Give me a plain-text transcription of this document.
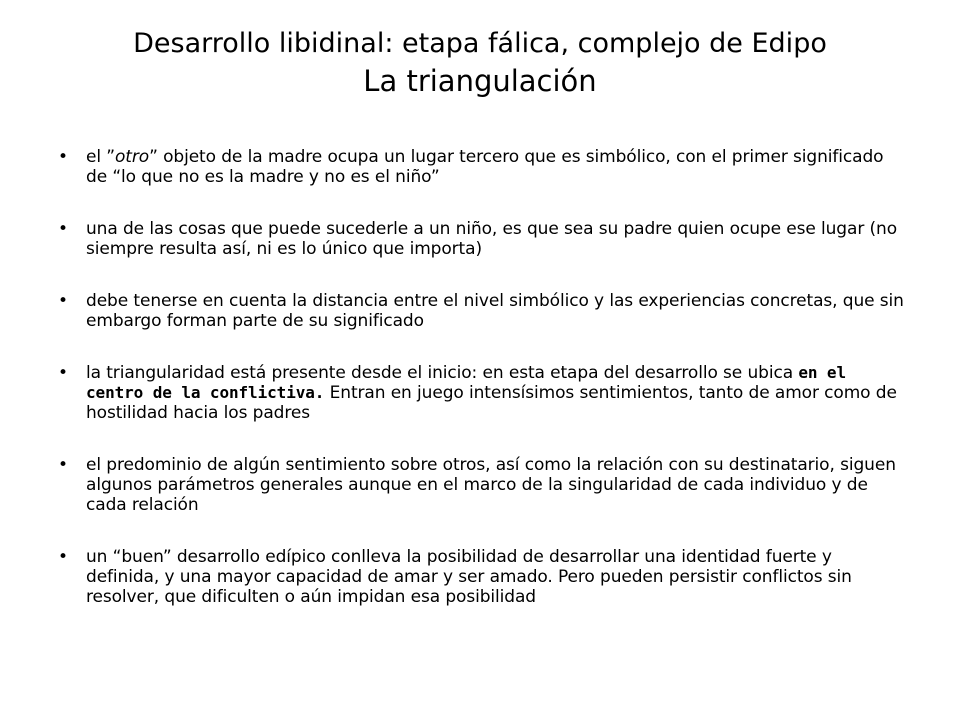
Desarrollo libidinal: etapa fálica, complejo de Edipo
La triangulación
• el ”otro” objeto de la madre ocupa un lugar tercero que es simbólico, con el primer significado de “lo que no es la madre y no es el niño”
• una de las cosas que puede sucederle a un niño, es que sea su padre quien ocupe ese lugar (no siempre resulta así, ni es lo único que importa)
• debe tenerse en cuenta la distancia entre el nivel simbólico y las experiencias concretas, que sin embargo forman parte de su significado
• la triangularidad está presente desde el inicio: en esta etapa del desarrollo se ubica en el centro de la conflictiva. Entran en juego intensísimos sentimientos, tanto de amor como de hostilidad hacia los padres
• el predominio de algún sentimiento sobre otros, así como la relación con su destinatario, siguen algunos parámetros generales aunque en el marco de la singularidad de cada individuo y de cada relación
• un “buen” desarrollo edípico conlleva la posibilidad de desarrollar una identidad fuerte y definida, y una mayor capacidad de amar y ser amado. Pero pueden persistir conflictos sin resolver, que dificulten o aún impidan esa posibilidad
